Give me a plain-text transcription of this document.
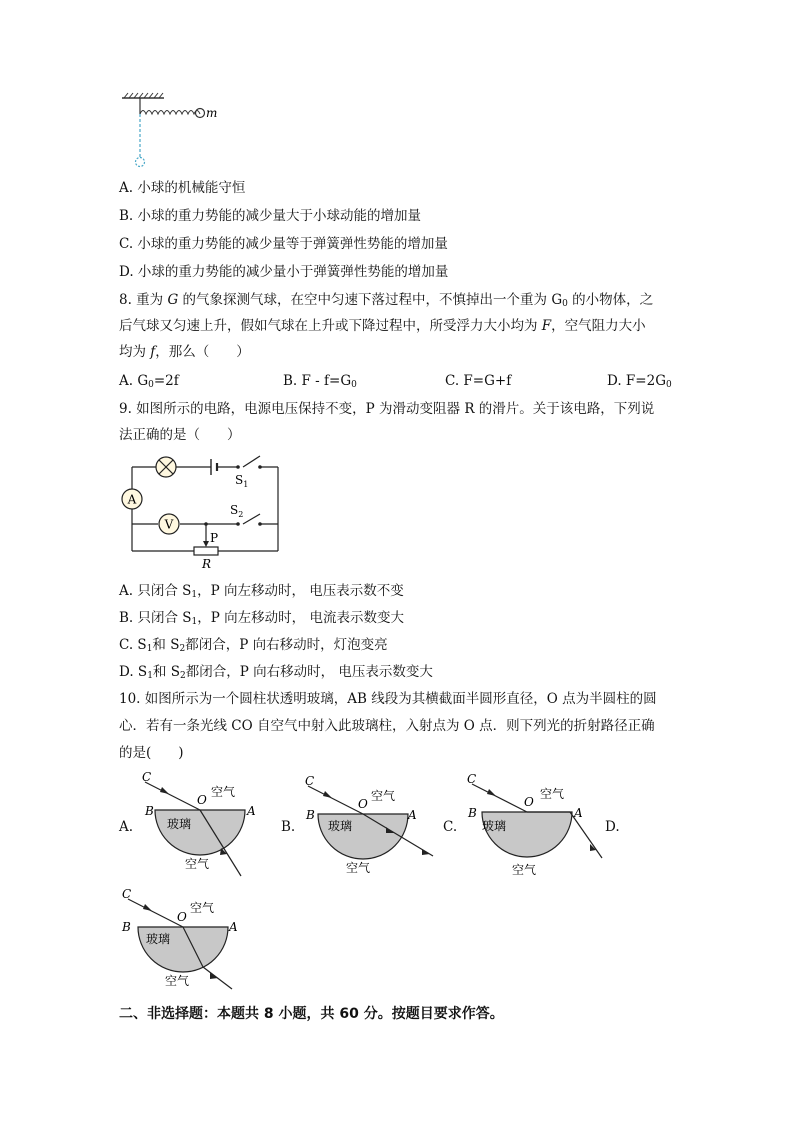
m
A. 小球的机械能守恒
B. 小球的重力势能的减少量大于小球动能的增加量
C. 小球的重力势能的减少量等于弹簧弹性势能的增加量
D. 小球的重力势能的减少量小于弹簧弹性势能的增加量
8. 重为 G 的气象探测气球，在空中匀速下落过程中，不慎掉出一个重为 $G_0$ 的小物体，之
后气球又匀速上升，假如气球在上升或下降过程中，所受浮力大小均为 F，空气阻力大小
均为 f，那么（　　）
A. $G_0=2f$	B. $F - f=G_0$	C. F=G+f	D. $F=2G_0$
9. 如图所示的电路，电源电压保持不变，P 为滑动变阻器 R 的滑片。关于该电路，下列说
法正确的是（　　）
A
V
$S_1$
$S_2$
P
R
A. 只闭合 $S_1$，P 向左移动时， 电压表示数不变
B. 只闭合 $S_1$，P 向左移动时， 电流表示数变大
C. $S_1$和 $S_2$都闭合，P 向右移动时，灯泡变亮
D. $S_1$和 $S_2$都闭合，P 向右移动时， 电压表示数变大
10. 如图所示为一个圆柱状透明玻璃，AB 线段为其横截面半圆形直径，O 点为半圆柱的圆
心．若有一条光线 CO 自空气中射入此玻璃柱，入射点为 O 点．则下列光的折射路径正确
的是(　　)
A.	B.	C.	D.
C
O
B	A
空气
玻璃
空气
C
O
B	A
空气
玻璃
空气
C
O
B	A
空气
玻璃
空气
C
O
B	A
空气
玻璃
空气
二、非选择题：本题共 8 小题，共 60 分。按题目要求作答。
